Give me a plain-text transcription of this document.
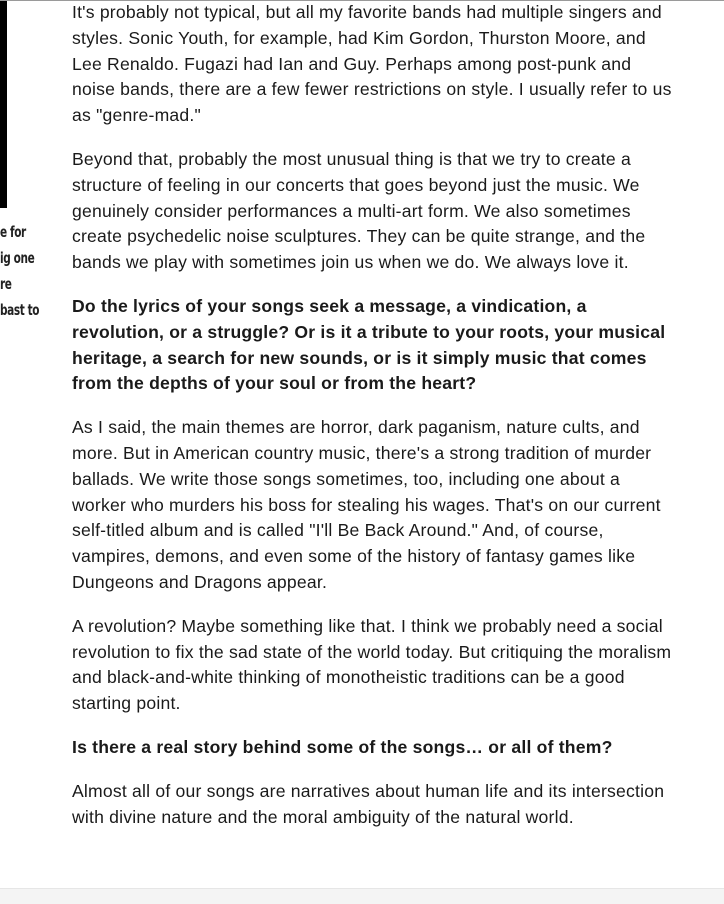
e for
ig one
re
bast to

It's probably not typical, but all my favorite bands had multiple singers and styles. Sonic Youth, for example, had Kim Gordon, Thurston Moore, and Lee Renaldo. Fugazi had Ian and Guy. Perhaps among post-punk and noise bands, there are a few fewer restrictions on style. I usually refer to us as "genre-mad."

Beyond that, probably the most unusual thing is that we try to create a structure of feeling in our concerts that goes beyond just the music. We genuinely consider performances a multi-art form. We also sometimes create psychedelic noise sculptures. They can be quite strange, and the bands we play with sometimes join us when we do. We always love it.

Do the lyrics of your songs seek a message, a vindication, a revolution, or a struggle? Or is it a tribute to your roots, your musical heritage, a search for new sounds, or is it simply music that comes from the depths of your soul or from the heart?

As I said, the main themes are horror, dark paganism, nature cults, and more. But in American country music, there's a strong tradition of murder ballads. We write those songs sometimes, too, including one about a worker who murders his boss for stealing his wages. That's on our current self-titled album and is called "I'll Be Back Around." And, of course, vampires, demons, and even some of the history of fantasy games like Dungeons and Dragons appear.

A revolution? Maybe something like that. I think we probably need a social revolution to fix the sad state of the world today. But critiquing the moralism and black-and-white thinking of monotheistic traditions can be a good starting point.

Is there a real story behind some of the songs… or all of them?

Almost all of our songs are narratives about human life and its intersection with divine nature and the moral ambiguity of the natural world.
